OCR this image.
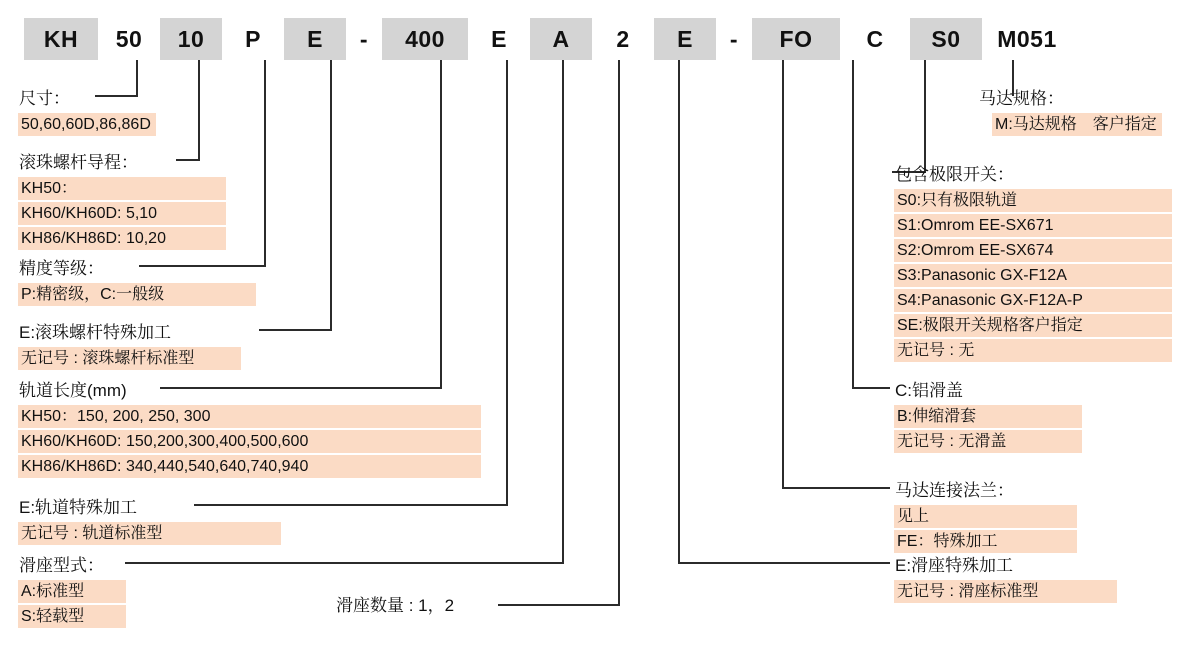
KH	50	10	P	E	-	400	E	A	2	E	-	FO	C	S0	M051
尺寸：
50,60,60D,86,86D
滚珠螺杆导程：
KH50：
KH60/KH60D: 5,10
KH86/KH86D: 10,20
精度等级：
P:精密级，C:一般级
E:滚珠螺杆特殊加工
无记号 : 滚珠螺杆标准型
轨道长度(mm)
KH50：150, 200, 250, 300
KH60/KH60D: 150,200,300,400,500,600
KH86/KH86D: 340,440,540,640,740,940
E:轨道特殊加工
无记号 : 轨道标准型
滑座型式：
A:标准型
S:轻载型
滑座数量 : 1，2
马达规格：
M:马达规格　客户指定
包含极限开关：
S0:只有极限轨道
S1:Omrom EE-SX671
S2:Omrom EE-SX674
S3:Panasonic GX-F12A
S4:Panasonic GX-F12A-P
SE:极限开关规格客户指定
无记号 : 无
C:铝滑盖
B:伸缩滑套
无记号 : 无滑盖
马达连接法兰：
见上
FE：特殊加工
E:滑座特殊加工
无记号 : 滑座标准型
